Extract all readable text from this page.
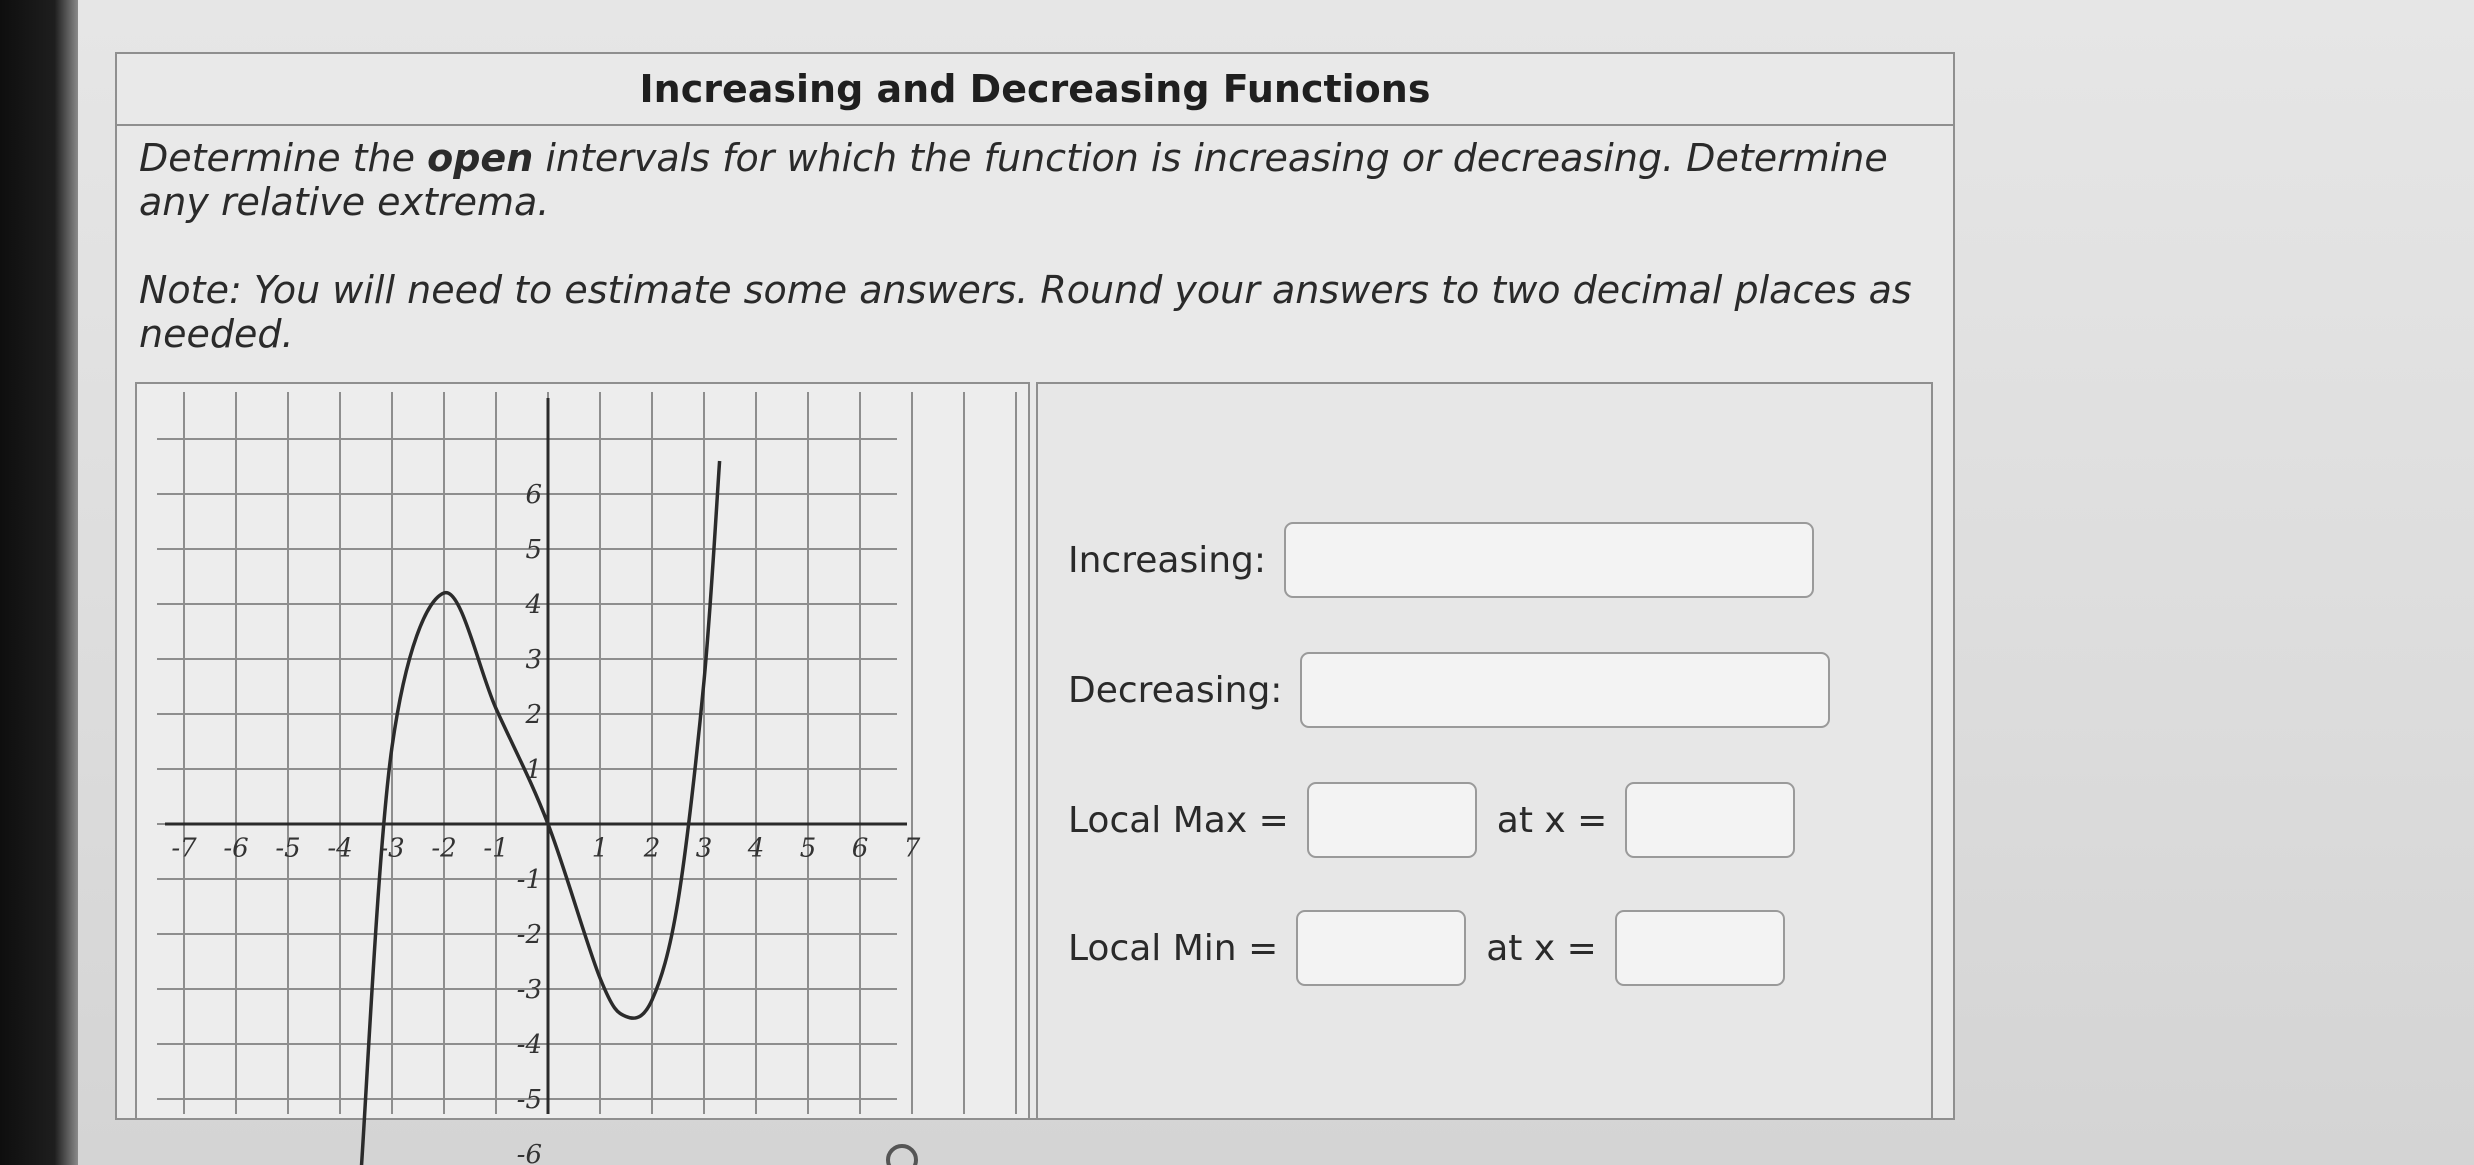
Increasing and Decreasing Functions

Determine the open intervals for which the function is increasing or decreasing. Determine any relative extrema.

Note: You will need to estimate some answers. Round your answers to two decimal places as needed.

-7 -6 -5 -4 -3 -2 -1	1 2 3 4 5 6 7
6
5
4
3
2
1
-1
-2
-3
-4
-5
-6
Increasing:
Decreasing:
Local Max =	at x =
Local Min =	at x =
